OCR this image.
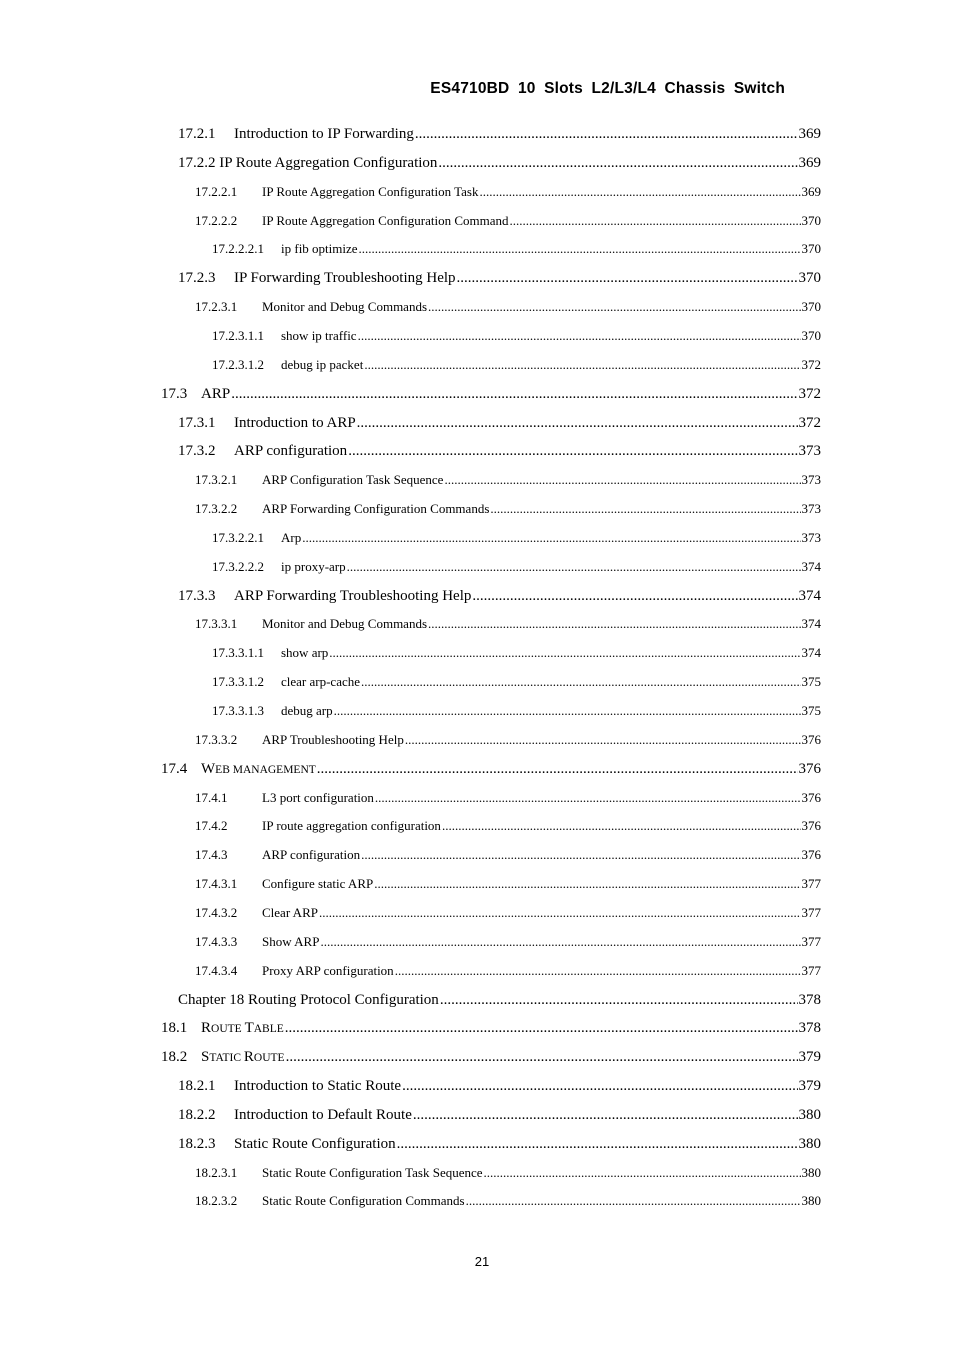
ES4710BD 10 Slots L2/L3/L4 Chassis Switch
17.2.1	Introduction to IP Forwarding .....	369
17.2.2 IP Route Aggregation Configuration .....	369
17.2.2.1	IP Route Aggregation Configuration Task .....	369
17.2.2.2	IP Route Aggregation Configuration Command .....	370
17.2.2.2.1	ip fib optimize .....	370
17.2.3	IP Forwarding Troubleshooting Help .....	370
17.2.3.1	Monitor and Debug Commands .....	370
17.2.3.1.1	show ip traffic .....	370
17.2.3.1.2	debug ip packet .....	372
17.3 ARP .....	372
17.3.1	Introduction to ARP .....	372
17.3.2	ARP configuration .....	373
17.3.2.1	ARP Configuration Task Sequence .....	373
17.3.2.2	ARP Forwarding Configuration Commands .....	373
17.3.2.2.1	Arp .....	373
17.3.2.2.2	ip proxy-arp .....	374
17.3.3	ARP Forwarding Troubleshooting Help .....	374
17.3.3.1	Monitor and Debug Commands .....	374
17.3.3.1.1	show arp .....	374
17.3.3.1.2	clear arp-cache .....	375
17.3.3.1.3	debug arp .....	375
17.3.3.2	ARP Troubleshooting Help .....	376
17.4 WEB MANAGEMENT .....	376
17.4.1	L3 port configuration .....	376
17.4.2	IP route aggregation configuration .....	376
17.4.3	ARP configuration .....	376
17.4.3.1	Configure static ARP .....	377
17.4.3.2	Clear ARP .....	377
17.4.3.3	Show ARP .....	377
17.4.3.4	Proxy ARP configuration .....	377
Chapter 18 Routing Protocol Configuration .....	378
18.1 ROUTE TABLE .....	378
18.2 STATIC ROUTE .....	379
18.2.1	Introduction to Static Route .....	379
18.2.2	Introduction to Default Route .....	380
18.2.3	Static Route Configuration .....	380
18.2.3.1	Static Route Configuration Task Sequence .....	380
18.2.3.2	Static Route Configuration Commands .....	380
21
